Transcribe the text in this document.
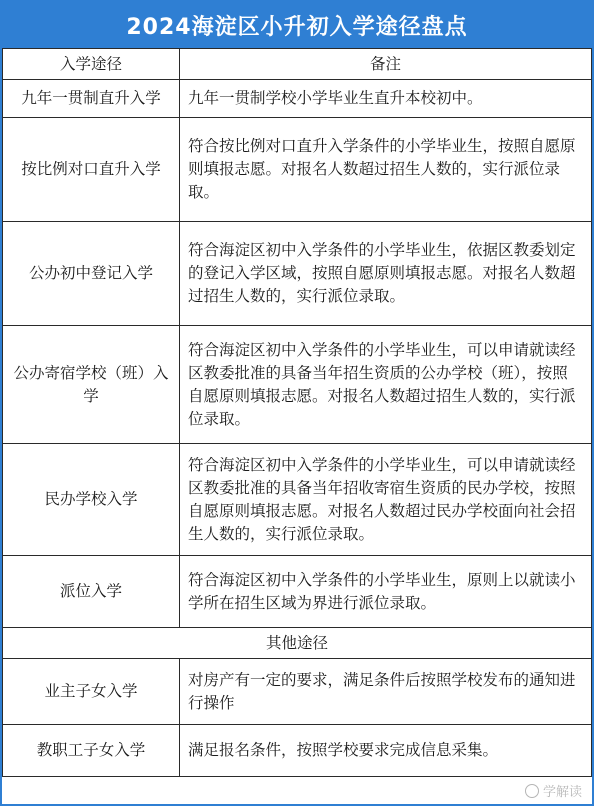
2024海淀区小升初入学途径盘点
入学途径	备注
九年一贯制直升入学	九年一贯制学校小学毕业生直升本校初中。
按比例对口直升入学	符合按比例对口直升入学条件的小学毕业生，按照自愿原则填报志愿。对报名人数超过招生人数的，实行派位录取。
公办初中登记入学	符合海淀区初中入学条件的小学毕业生，依据区教委划定的登记入学区域，按照自愿原则填报志愿。对报名人数超过招生人数的，实行派位录取。
公办寄宿学校（班）入学	符合海淀区初中入学条件的小学毕业生，可以申请就读经区教委批准的具备当年招生资质的公办学校（班），按照自愿原则填报志愿。对报名人数超过招生人数的，实行派位录取。
民办学校入学	符合海淀区初中入学条件的小学毕业生，可以申请就读经区教委批准的具备当年招收寄宿生资质的民办学校，按照自愿原则填报志愿。对报名人数超过民办学校面向社会招生人数的，实行派位录取。
派位入学	符合海淀区初中入学条件的小学毕业生，原则上以就读小学所在招生区域为界进行派位录取。
其他途径	
业主子女入学	对房产有一定的要求，满足条件后按照学校发布的通知进行操作
教职工子女入学	满足报名条件，按照学校要求完成信息采集。
学解读
